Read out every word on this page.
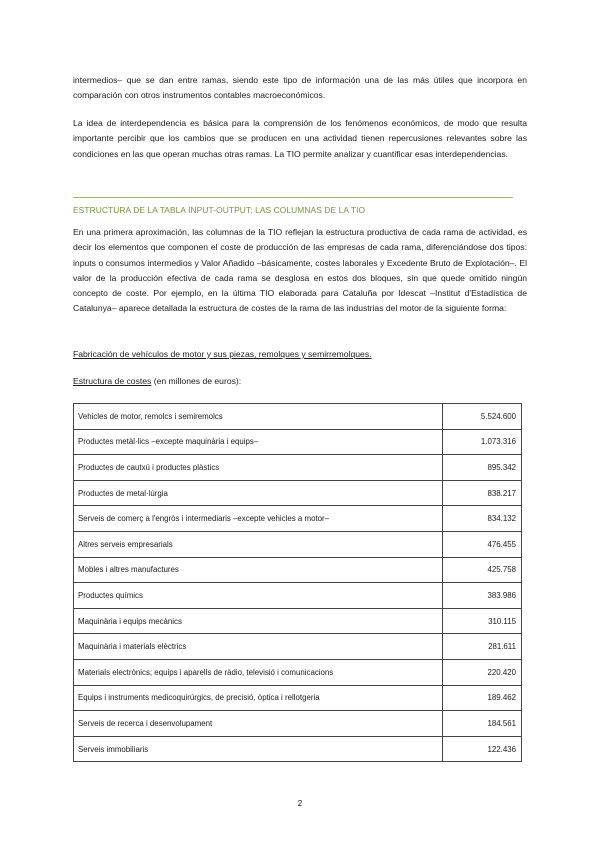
intermedios– que se dan entre ramas, siendo este tipo de información una de las más útiles que incorpora en comparación con otros instrumentos contables macroeconómicos.

La idea de interdependencia es básica para la comprensión de los fenómenos económicos, de modo que resulta importante percibir que los cambios que se producen en una actividad tienen repercusiones relevantes sobre las condiciones en las que operan muchas otras ramas. La TIO permite analizar y cuantificar esas interdependencias.

ESTRUCTURA DE LA TABLA INPUT-OUTPUT: LAS COLUMNAS DE LA TIO

En una primera aproximación, las columnas de la TIO reflejan la estructura productiva de cada rama de actividad, es decir los elementos que componen el coste de producción de las empresas de cada rama, diferenciándose dos tipos: inputs o consumos intermedios y Valor Añadido –básicamente, costes laborales y Excedente Bruto de Explotación–. El valor de la producción efectiva de cada rama se desglosa en estos dos bloques, sin que quede omitido ningún concepto de coste. Por ejemplo, en la última TIO elaborada para Cataluña por Idescat –Institut d'Estadística de Catalunya– aparece detallada la estructura de costes de la rama de las industrias del motor de la siguiente forma:

Fabricación de vehículos de motor y sus piezas, remolques y semirremolques.
Estructura de costes (en millones de euros):
Vehicles de motor, remolcs i semiremolcs	5.524.600
Productes metàl·lics –excepte maquinària i equips–	1.073.316
Productes de cautxú i productes plàstics	895.342
Productes de metal·lúrgia	838.217
Serveis de comerç a l'engròs i intermediaris –excepte vehicles a motor–	834.132
Altres serveis empresarials	476.455
Mobles i altres manufactures	425.758
Productes químics	383.986
Maquinària i equips mecànics	310.115
Maquinària i materials elèctrics	281.611
Materials electrònics; equips i aparells de ràdio, televisió i comunicacions	220.420
Equips i instruments medicoquirúrgics, de precisió, òptica i rellotgeria	189.462
Serveis de recerca i desenvolupament	184.561
Serveis immobiliaris	122.436
2
